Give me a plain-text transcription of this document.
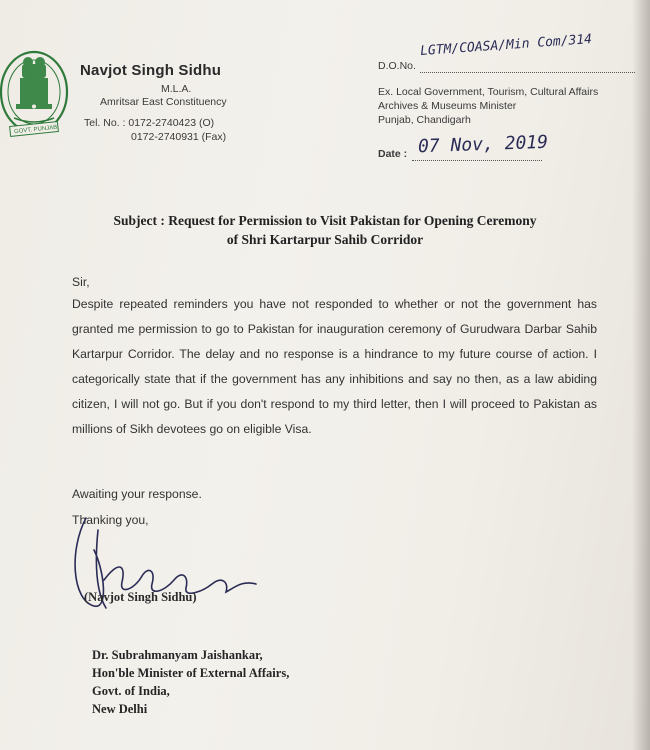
GOVT. PUNJAB
Navjot Singh Sidhu
M.L.A.
Amritsar East Constituency
Tel. No. : 0172-2740423 (O)
0172-2740931 (Fax)
D.O.No.
LGTM/COASA/Min Com/314
Ex. Local Government, Tourism, Cultural Affairs
Archives & Museums Minister
Punjab, Chandigarh
Date : 07 Nov, 2019
Subject : Request for Permission to Visit Pakistan for Opening Ceremony
of Shri Kartarpur Sahib Corridor
Sir,
Despite repeated reminders you have not responded to whether or not the government has granted me permission to go to Pakistan for inauguration ceremony of Gurudwara Darbar Sahib Kartarpur Corridor. The delay and no response is a hindrance to my future course of action. I categorically state that if the government has any inhibitions and say no then, as a law abiding citizen, I will not go. But if you don't respond to my third letter, then I will proceed to Pakistan as millions of Sikh devotees go on eligible Visa.
Awaiting your response.
Thanking you,
(Navjot Singh Sidhu)
Dr. Subrahmanyam Jaishankar,
Hon'ble Minister of External Affairs,
Govt. of India,
New Delhi
